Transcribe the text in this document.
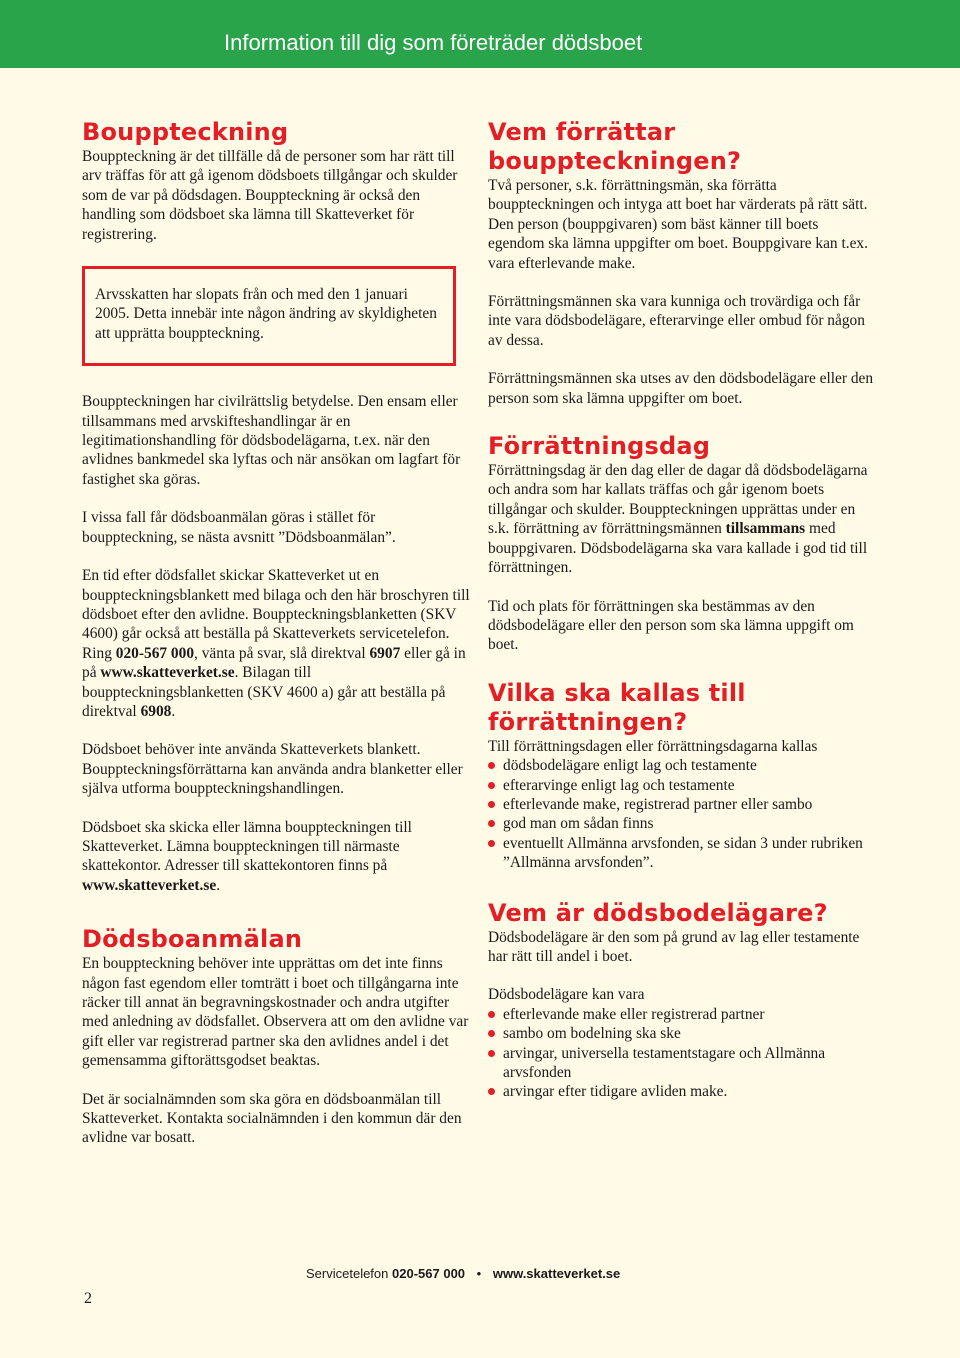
Information till dig som företräder dödsboet
Bouppteckning

Bouppteckning är det tillfälle då de personer som har rätt till arv träffas för att gå igenom dödsboets tillgångar och skulder som de var på dödsdagen. Bouppteckning är också den handling som dödsboet ska lämna till Skatteverket för registrering.

Arvsskatten har slopats från och med den 1 januari 2005. Detta innebär inte någon ändring av skyldigheten att upprätta bouppteckning.

Bouppteckningen har civilrättslig betydelse. Den ensam eller tillsammans med arvskifteshandlingar är en legitimationshandling för dödsbodelägarna, t.ex. när den avlidnes bankmedel ska lyftas och när ansökan om lagfart för fastighet ska göras.

I vissa fall får dödsboanmälan göras i stället för bouppteckning, se nästa avsnitt ”Dödsboanmälan”.

En tid efter dödsfallet skickar Skatteverket ut en bouppteckningsblankett med bilaga och den här broschyren till dödsboet efter den avlidne. Bouppteckningsblanketten (SKV 4600) går också att beställa på Skatteverkets servicetelefon. Ring 020-567 000, vänta på svar, slå direktval 6907 eller gå in på www.skatteverket.se. Bilagan till bouppteckningsblanketten (SKV 4600 a) går att beställa på direktval 6908.

Dödsboet behöver inte använda Skatteverkets blankett. Bouppteckningsförrättarna kan använda andra blanketter eller själva utforma bouppteckningshandlingen.

Dödsboet ska skicka eller lämna bouppteckningen till Skatteverket. Lämna bouppteckningen till närmaste skattekontor. Adresser till skattekontoren finns på www.skatteverket.se.

Dödsboanmälan

En bouppteckning behöver inte upprättas om det inte finns någon fast egendom eller tomträtt i boet och tillgångarna inte räcker till annat än begravningskostnader och andra utgifter med anledning av dödsfallet. Observera att om den avlidne var gift eller var registrerad partner ska den avlidnes andel i det gemensamma giftorättsgodset beaktas.

Det är socialnämnden som ska göra en dödsboanmälan till Skatteverket. Kontakta socialnämnden i den kommun där den avlidne var bosatt.

Vem förrättar bouppteckningen?

Två personer, s.k. förrättningsmän, ska förrätta bouppteckningen och intyga att boet har värderats på rätt sätt. Den person (bouppgivaren) som bäst känner till boets egendom ska lämna uppgifter om boet. Bouppgivare kan t.ex. vara efterlevande make.

Förrättningsmännen ska vara kunniga och trovärdiga och får inte vara dödsbodelägare, efterarvinge eller ombud för någon av dessa.

Förrättningsmännen ska utses av den dödsbodelägare eller den person som ska lämna uppgifter om boet.

Förrättningsdag

Förrättningsdag är den dag eller de dagar då dödsbodelägarna och andra som har kallats träffas och går igenom boets tillgångar och skulder. Bouppteckningen upprättas under en s.k. förrättning av förrättningsmännen tillsammans med bouppgivaren. Dödsbodelägarna ska vara kallade i god tid till förrättningen.

Tid och plats för förrättningen ska bestämmas av den dödsbodelägare eller den person som ska lämna uppgift om boet.

Vilka ska kallas till förrättningen?

Till förrättningsdagen eller förrättningsdagarna kallas

dödsbodelägare enligt lag och testamente
efterarvinge enligt lag och testamente
efterlevande make, registrerad partner eller sambo
god man om sådan finns
eventuellt Allmänna arvsfonden, se sidan 3 under rubriken ”Allmänna arvsfonden”.
Vem är dödsbodelägare?

Dödsbodelägare är den som på grund av lag eller testamente har rätt till andel i boet.

Dödsbodelägare kan vara

efterlevande make eller registrerad partner
sambo om bodelning ska ske
arvingar, universella testamentstagare och Allmänna arvsfonden
arvingar efter tidigare avliden make.
Servicetelefon 020-567 000 • www.skatteverket.se
2
